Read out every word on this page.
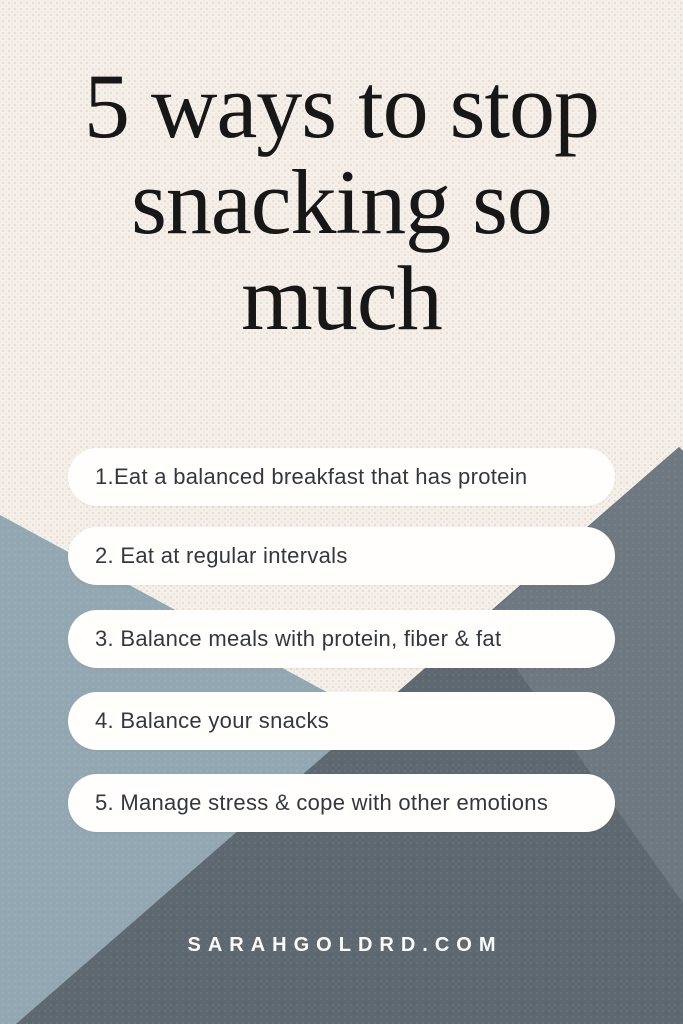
5 ways to stop
snacking so
much
1.Eat a balanced breakfast that has protein
2. Eat at regular intervals
3. Balance meals with protein, fiber & fat
4. Balance your snacks
5. Manage stress & cope with other emotions
SARAHGOLDRD.COM
